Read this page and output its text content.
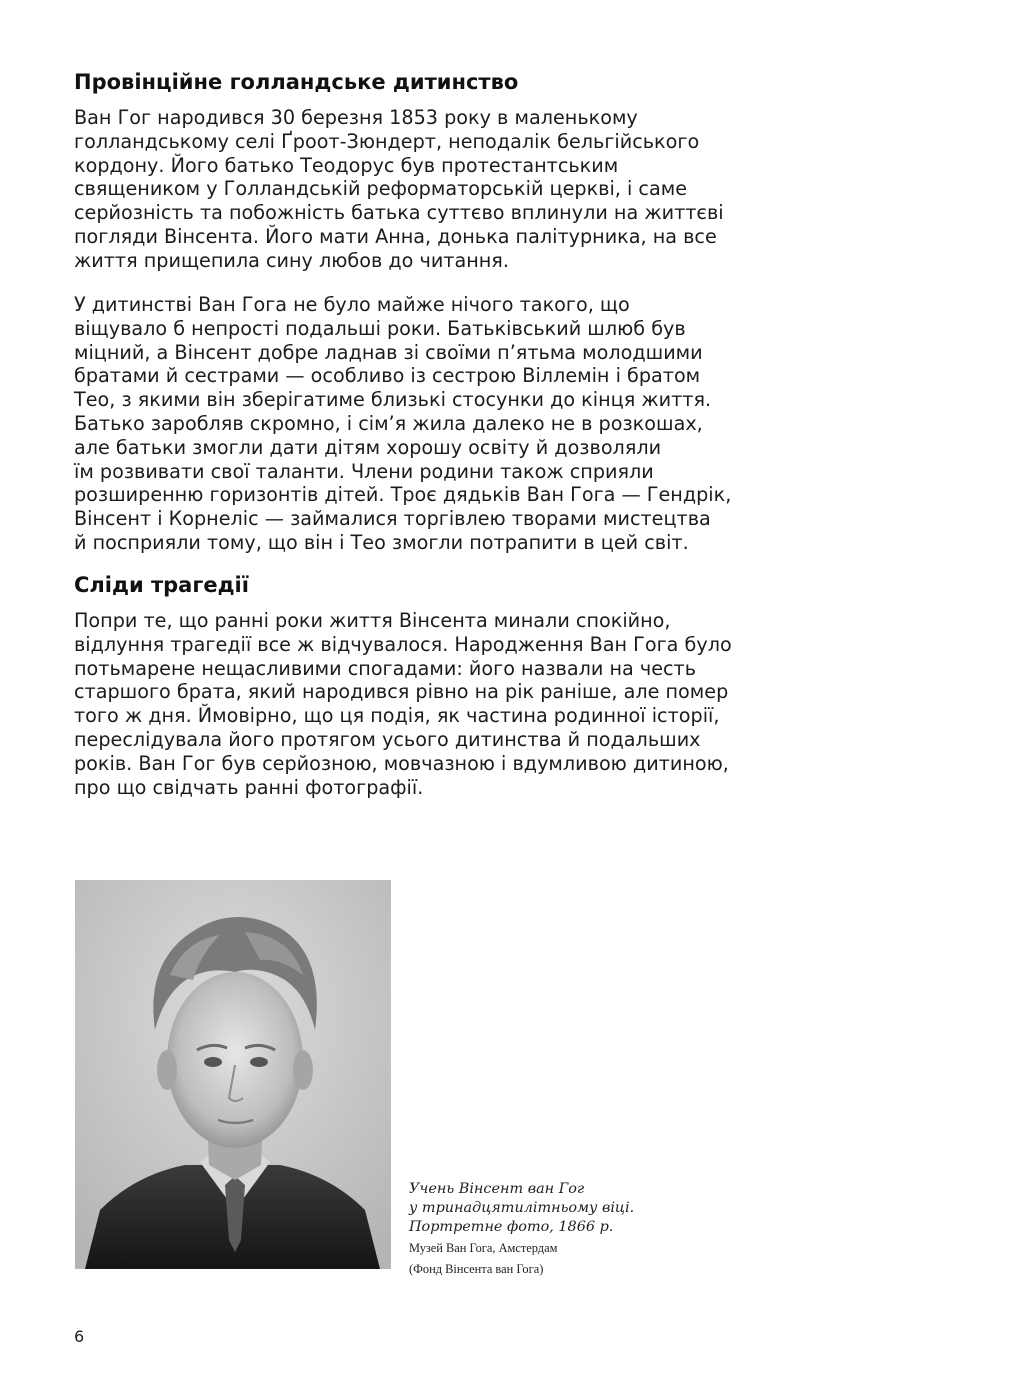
Провінційне голландське дитинство
Ван Гог народився 30 березня 1853 року в маленькому
голландському селі Ґроот-Зюндерт, неподалік бельгійського
кордону. Його батько Теодорус був протестантським
священиком у Голландській реформаторській церкві, і саме
серйозність та побожність батька суттєво вплинули на життєві
погляди Вінсента. Його мати Анна, донька палітурника, на все
життя прищепила сину любов до читання.
У дитинстві Ван Гога не було майже нічого такого, що
віщувало б непрості подальші роки. Батьківський шлюб був
міцний, а Вінсент добре ладнав зі своїми п’ятьма молодшими
братами й сестрами — особливо із сестрою Віллемін і братом
Тео, з якими він зберігатиме близькі стосунки до кінця життя.
Батько заробляв скромно, і сім’я жила далеко не в розкошах,
але батьки змогли дати дітям хорошу освіту й дозволяли
їм розвивати свої таланти. Члени родини також сприяли
розширенню горизонтів дітей. Троє дядьків Ван Гога — Гендрік,
Вінсент і Корнеліс — займалися торгівлею творами мистецтва
й посприяли тому, що він і Тео змогли потрапити в цей світ.
Сліди трагедії
Попри те, що ранні роки життя Вінсента минали спокійно,
відлуння трагедії все ж відчувалося. Народження Ван Гога було
потьмарене нещасливими спогадами: його назвали на честь
старшого брата, який народився рівно на рік раніше, але помер
того ж дня. Ймовірно, що ця подія, як частина родинної історії,
переслідувала його протягом усього дитинства й подальших
років. Ван Гог був серйозною, мовчазною і вдумливою дитиною,
про що свідчать ранні фотографії.
Учень Вінсент ван Гог
у тринадцятилітньому віці.
Портретне фото, 1866 р.
Музей Ван Гога, Амстердам
(Фонд Вінсента ван Гога)
6
